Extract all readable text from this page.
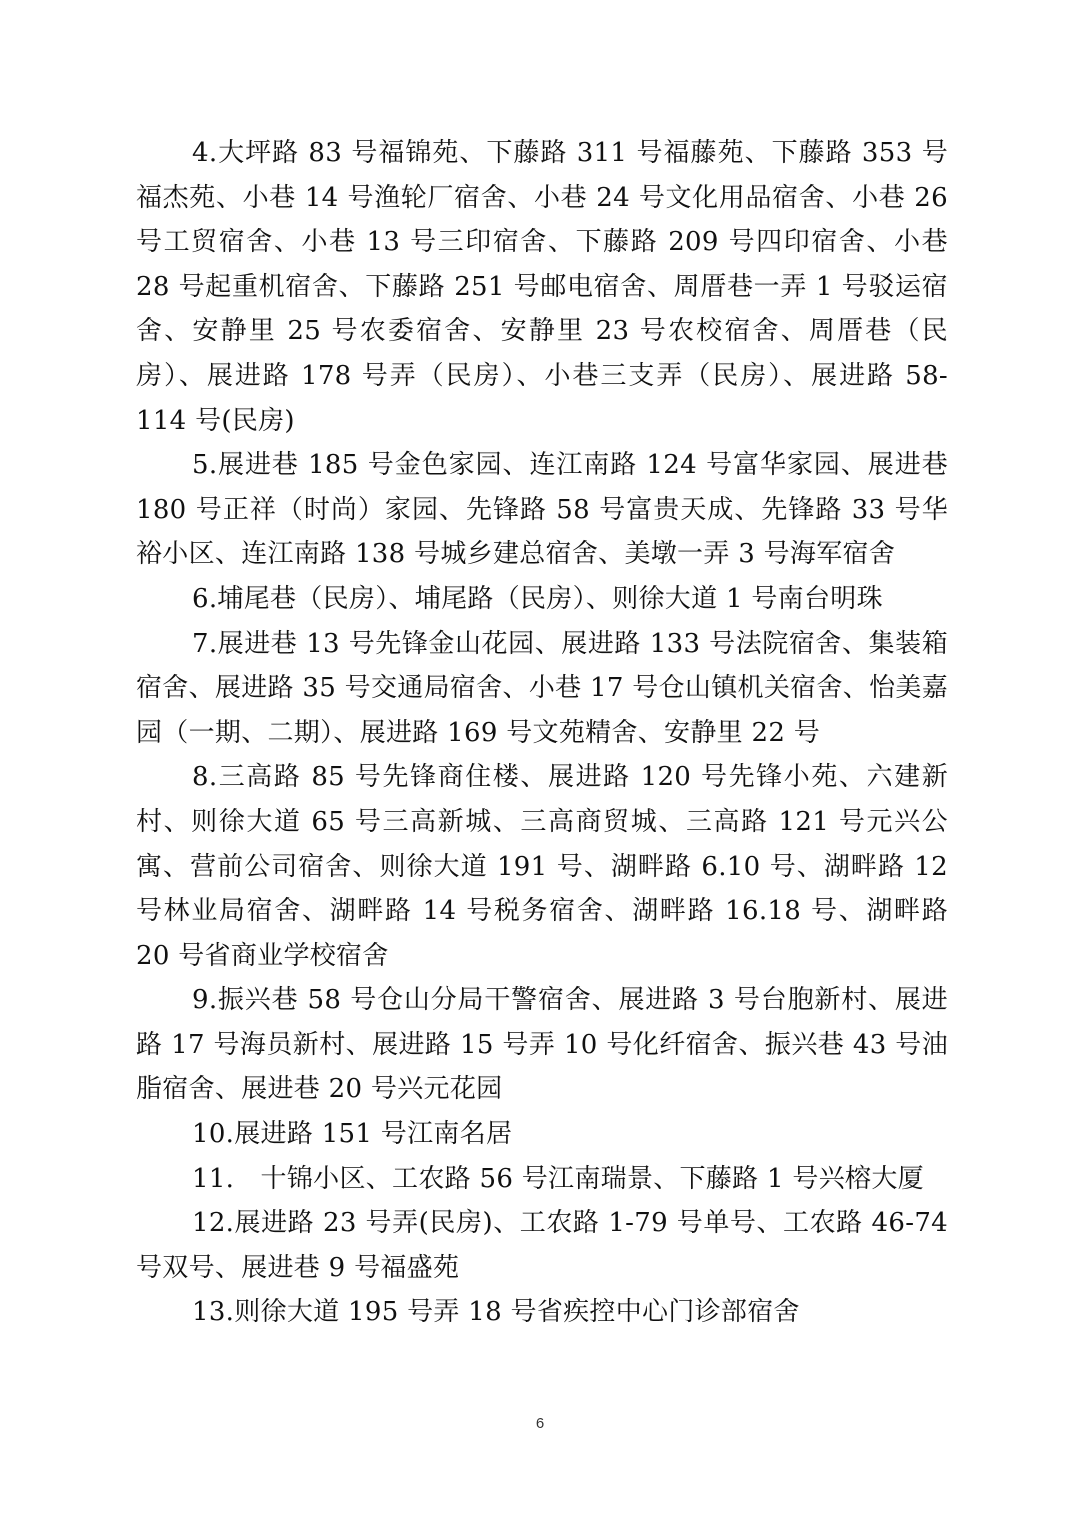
4.大坪路 83 号福锦苑、下藤路 311 号福藤苑、下藤路 353 号福杰苑、小巷 14 号渔轮厂宿舍、小巷 24 号文化用品宿舍、小巷 26 号工贸宿舍、小巷 13 号三印宿舍、下藤路 209 号四印宿舍、小巷 28 号起重机宿舍、下藤路 251 号邮电宿舍、周厝巷一弄 1 号驳运宿舍、安静里 25 号农委宿舍、安静里 23 号农校宿舍、周厝巷（民房）、展进路 178 号弄（民房）、小巷三支弄（民房）、展进路 58-114 号(民房)

5.展进巷 185 号金色家园、连江南路 124 号富华家园、展进巷 180 号正祥（时尚）家园、先锋路 58 号富贵天成、先锋路 33 号华裕小区、连江南路 138 号城乡建总宿舍、美墩一弄 3 号海军宿舍

6.埔尾巷（民房）、埔尾路（民房）、则徐大道 1 号南台明珠

7.展进巷 13 号先锋金山花园、展进路 133 号法院宿舍、集装箱宿舍、展进路 35 号交通局宿舍、小巷 17 号仓山镇机关宿舍、怡美嘉园（一期、二期）、展进路 169 号文苑精舍、安静里 22 号

8.三高路 85 号先锋商住楼、展进路 120 号先锋小苑、六建新村、则徐大道 65 号三高新城、三高商贸城、三高路 121 号元兴公寓、营前公司宿舍、则徐大道 191 号、湖畔路 6.10 号、湖畔路 12 号林业局宿舍、湖畔路 14 号税务宿舍、湖畔路 16.18 号、湖畔路 20 号省商业学校宿舍

9.振兴巷 58 号仓山分局干警宿舍、展进路 3 号台胞新村、展进路 17 号海员新村、展进路 15 号弄 10 号化纤宿舍、振兴巷 43 号油脂宿舍、展进巷 20 号兴元花园

10.展进路 151 号江南名居

11.　十锦小区、工农路 56 号江南瑞景、下藤路 1 号兴榕大厦

12.展进路 23 号弄(民房)、工农路 1-79 号单号、工农路 46-74 号双号、展进巷 9 号福盛苑

13.则徐大道 195 号弄 18 号省疾控中心门诊部宿舍

6
